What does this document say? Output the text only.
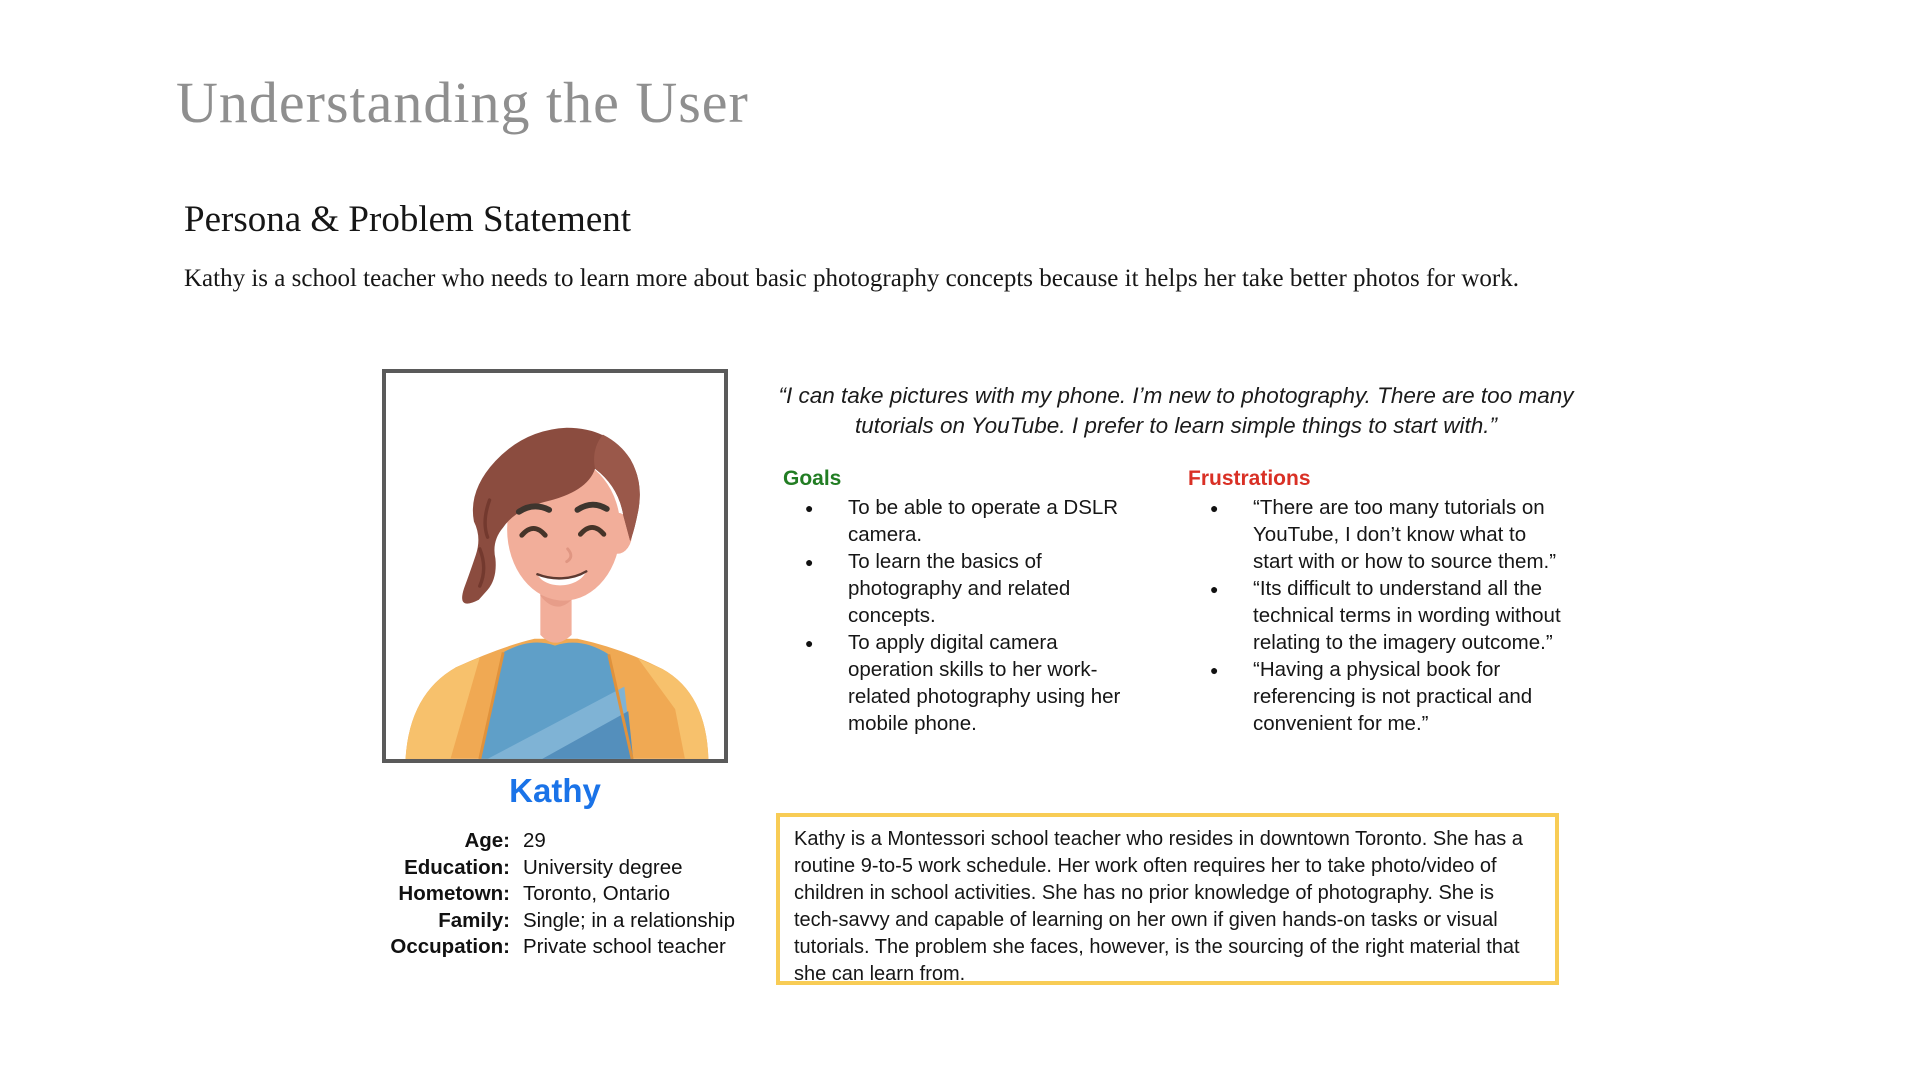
Understanding the User
Persona & Problem Statement

Kathy is a school teacher who needs to learn more about basic photography concepts because it helps her take better photos for work.

Kathy
Age: 29
Education: University degree
Hometown: Toronto, Ontario
Family: Single; in a relationship
Occupation: Private school teacher
“I can take pictures with my phone. I’m new to photography. There are too many tutorials on YouTube. I prefer to learn simple things to start with.”
Goals
● To be able to operate a DSLR camera.
● To learn the basics of photography and related concepts.
● To apply digital camera operation skills to her work-related photography using her mobile phone.
Frustrations
● “There are too many tutorials on YouTube, I don’t know what to start with or how to source them.”
● “Its difficult to understand all the technical terms in wording without relating to the imagery outcome.”
● “Having a physical book for referencing is not practical and convenient for me.”
Kathy is a Montessori school teacher who resides in downtown Toronto. She has a routine 9-to-5 work schedule. Her work often requires her to take photo/video of children in school activities. She has no prior knowledge of photography. She is tech-savvy and capable of learning on her own if given hands-on tasks or visual tutorials. The problem she faces, however, is the sourcing of the right material that she can learn from.
